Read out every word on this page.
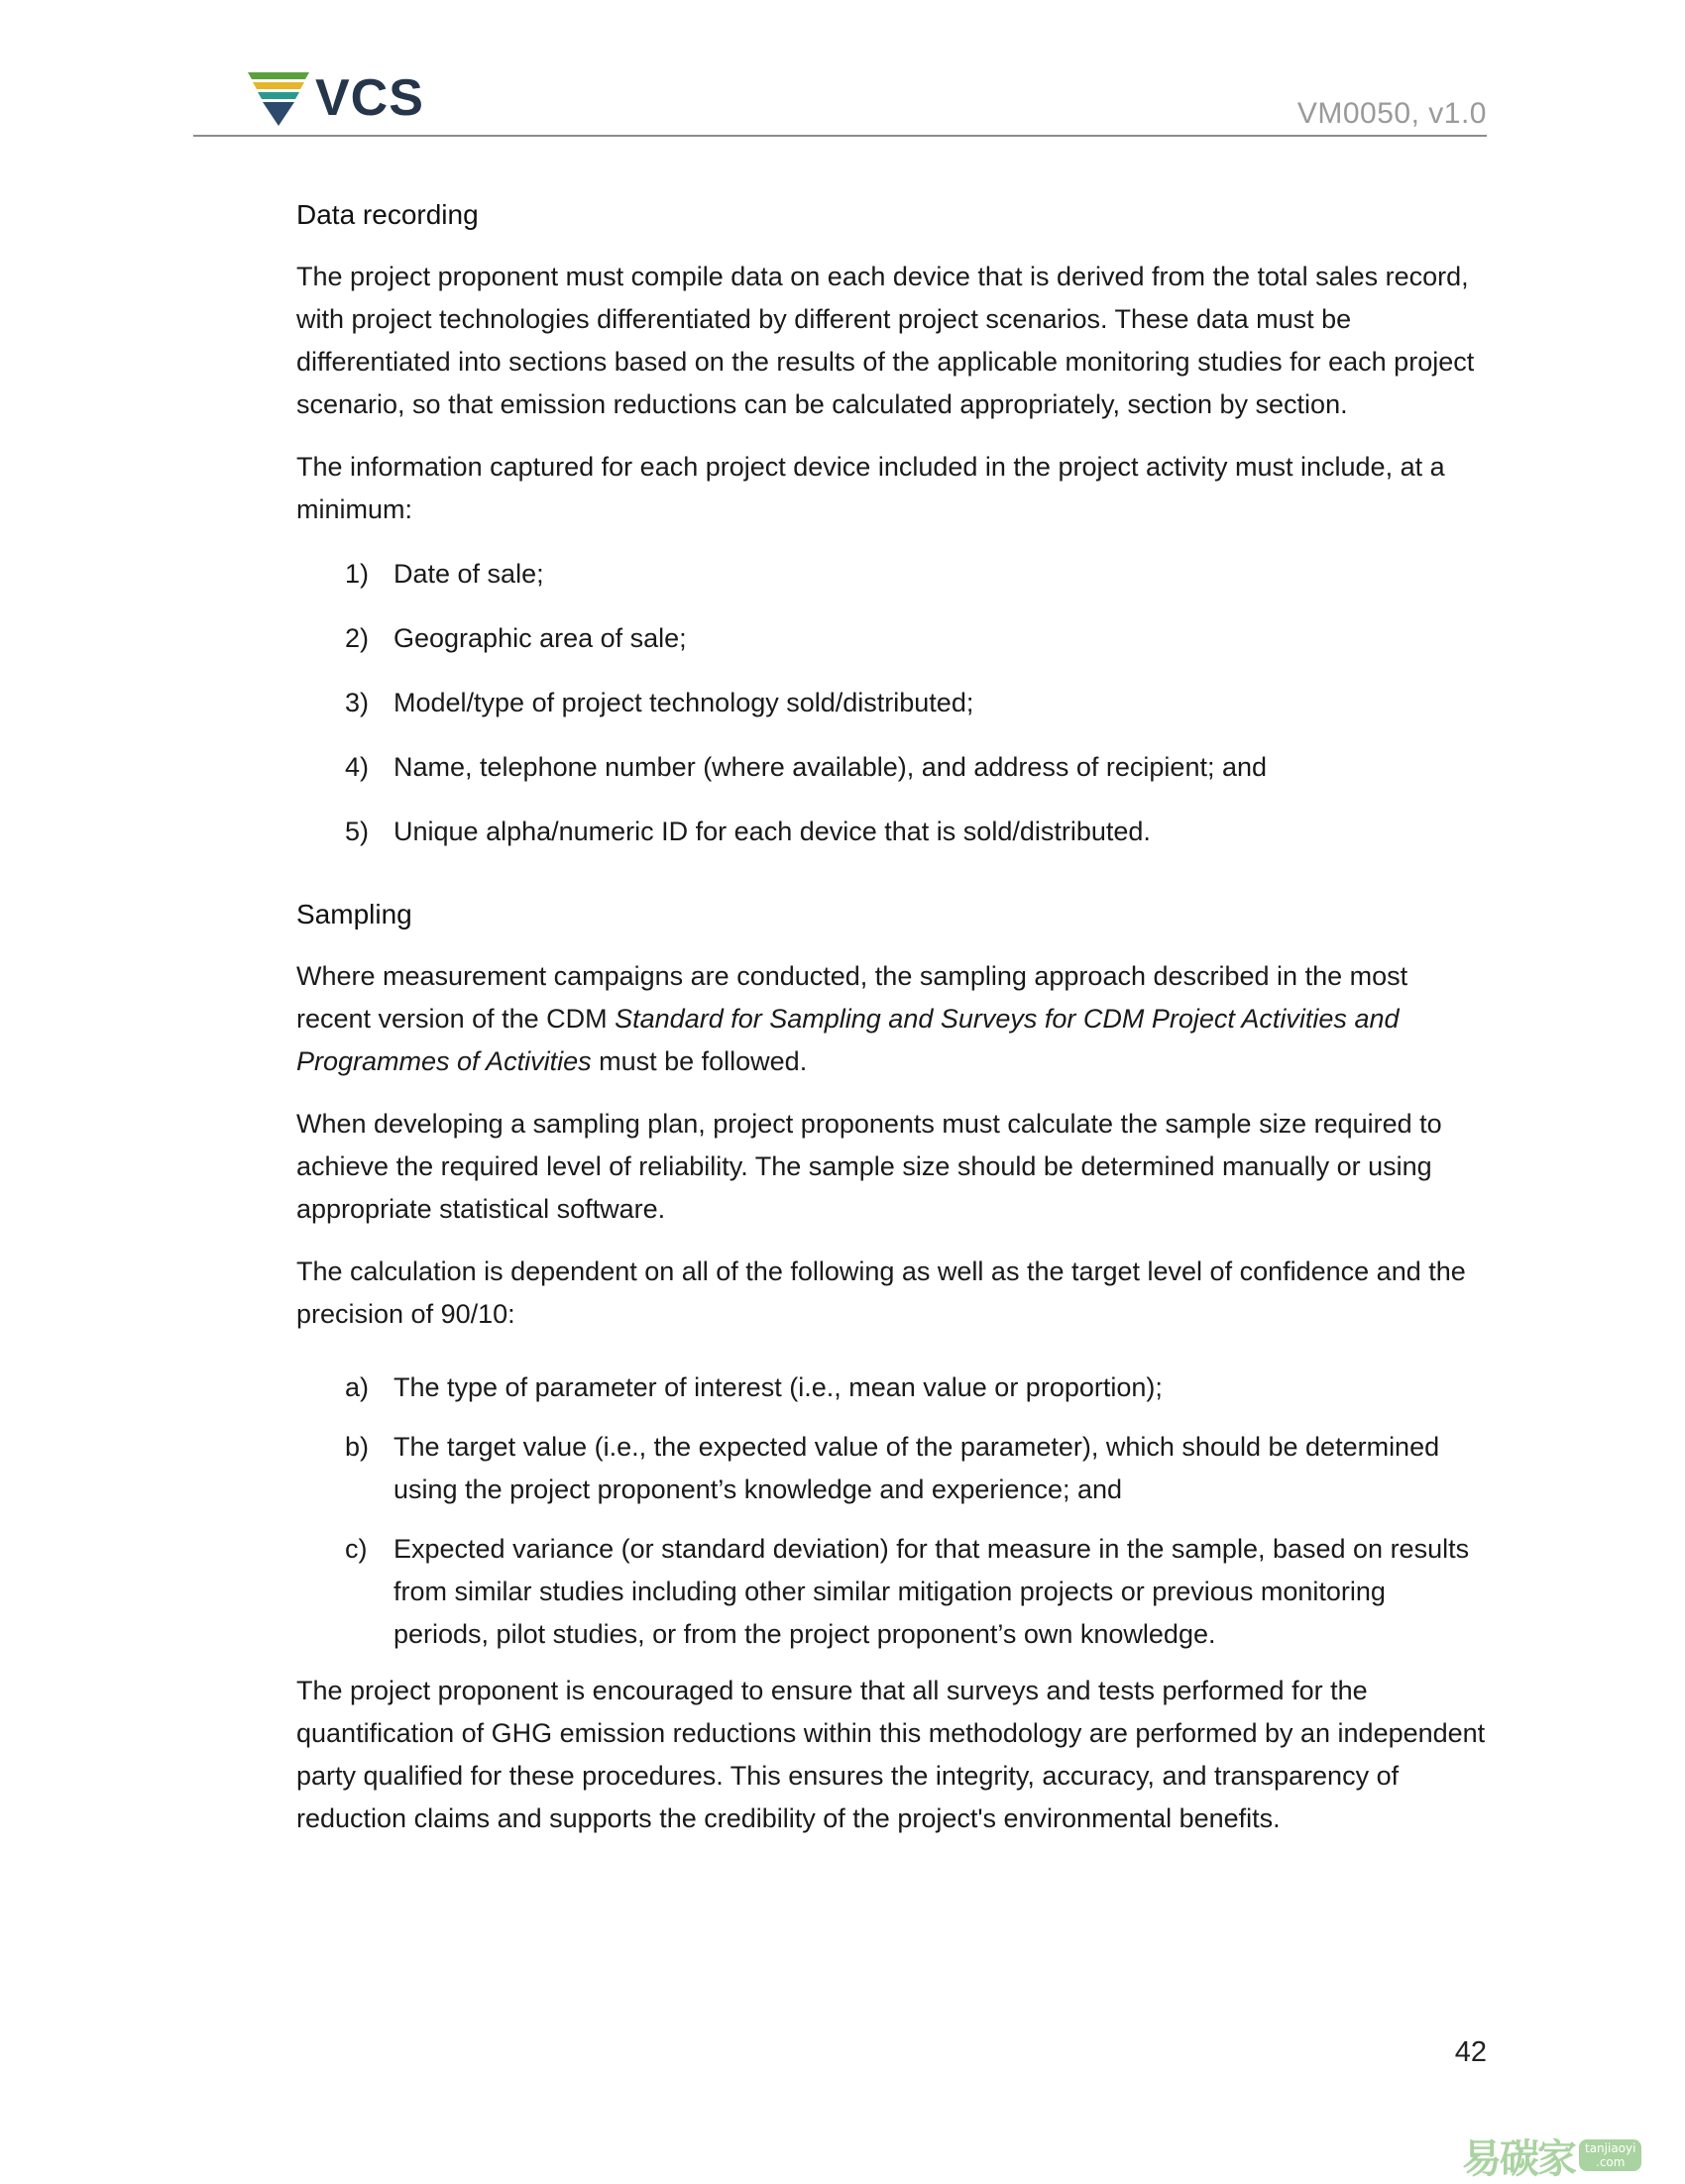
VCS	VM0050, v1.0
Data recording

The project proponent must compile data on each device that is derived from the total sales record, with project technologies differentiated by different project scenarios. These data must be differentiated into sections based on the results of the applicable monitoring studies for each project scenario, so that emission reductions can be calculated appropriately, section by section.

The information captured for each project device included in the project activity must include, at a minimum:

1) Date of sale;
2) Geographic area of sale;
3) Model/type of project technology sold/distributed;
4) Name, telephone number (where available), and address of recipient; and
5) Unique alpha/numeric ID for each device that is sold/distributed.
Sampling

Where measurement campaigns are conducted, the sampling approach described in the most recent version of the CDM Standard for Sampling and Surveys for CDM Project Activities and Programmes of Activities must be followed.

When developing a sampling plan, project proponents must calculate the sample size required to achieve the required level of reliability. The sample size should be determined manually or using appropriate statistical software.

The calculation is dependent on all of the following as well as the target level of confidence and the precision of 90/10:

a) The type of parameter of interest (i.e., mean value or proportion);
b) The target value (i.e., the expected value of the parameter), which should be determined using the project proponent’s knowledge and experience; and
c) Expected variance (or standard deviation) for that measure in the sample, based on results from similar studies including other similar mitigation projects or previous monitoring periods, pilot studies, or from the project proponent’s own knowledge.

The project proponent is encouraged to ensure that all surveys and tests performed for the quantification of GHG emission reductions within this methodology are performed by an independent party qualified for these procedures. This ensures the integrity, accuracy, and transparency of reduction claims and supports the credibility of the project's environmental benefits.

42
易碳家 tanjiaoyi
.com
